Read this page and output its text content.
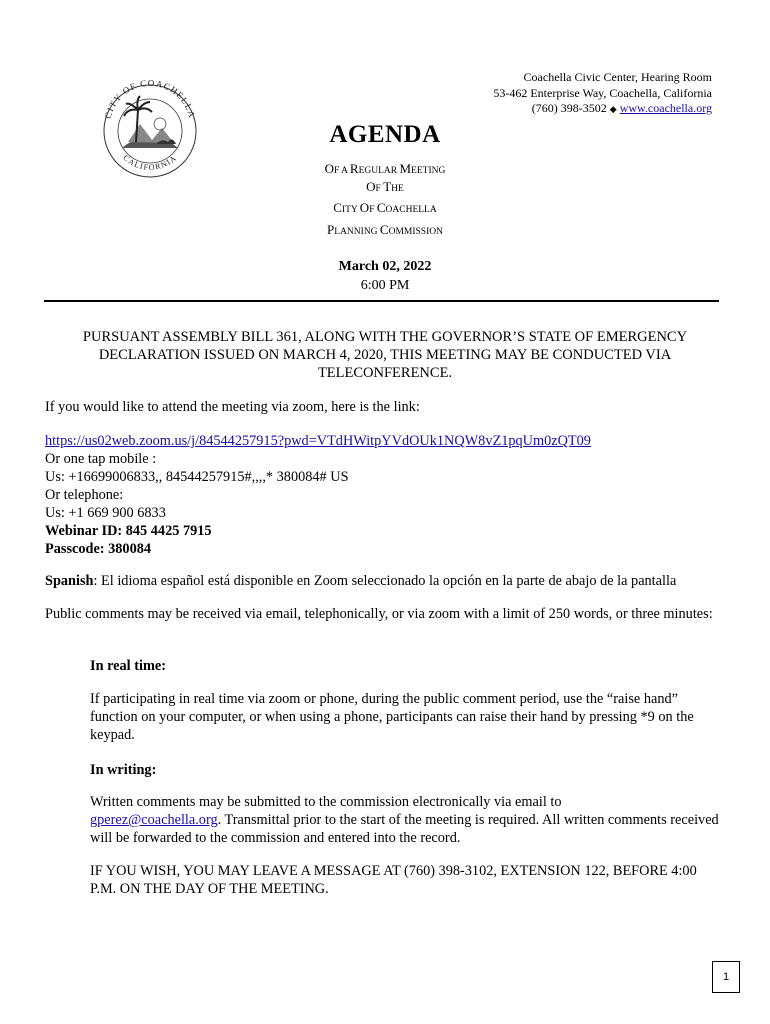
CITY OF COACHELLA
CALIFORNIA
Coachella Civic Center, Hearing Room
53-462 Enterprise Way, Coachella, California
(760) 398-3502 ◆ www.coachella.org
AGENDA
OF A REGULAR MEETING
OF THE
CITY OF COACHELLA
PLANNING COMMISSION
March 02, 2022
6:00 PM
PURSUANT ASSEMBLY BILL 361, ALONG WITH THE GOVERNOR’S STATE OF EMERGENCY DECLARATION ISSUED ON MARCH 4, 2020, THIS MEETING MAY BE CONDUCTED VIA TELECONFERENCE.
If you would like to attend the meeting via zoom, here is the link:
https://us02web.zoom.us/j/84544257915?pwd=VTdHWitpYVdOUk1NQW8vZ1pqUm0zQT09
Or one tap mobile :
Us: +16699006833,, 84544257915#,,,,* 380084# US
Or telephone:
Us: +1 669 900 6833
Webinar ID: 845 4425 7915
Passcode: 380084
Spanish: El idioma español está disponible en Zoom seleccionado la opción en la parte de abajo de la pantalla
Public comments may be received via email, telephonically, or via zoom with a limit of 250 words, or three minutes:
In real time:
If participating in real time via zoom or phone, during the public comment period, use the “raise hand” function on your computer, or when using a phone, participants can raise their hand by pressing *9 on the keypad.
In writing:
Written comments may be submitted to the commission electronically via email to
gperez@coachella.org. Transmittal prior to the start of the meeting is required. All written comments received will be forwarded to the commission and entered into the record.
IF YOU WISH, YOU MAY LEAVE A MESSAGE AT (760) 398-3102, EXTENSION 122, BEFORE 4:00 P.M. ON THE DAY OF THE MEETING.
1
